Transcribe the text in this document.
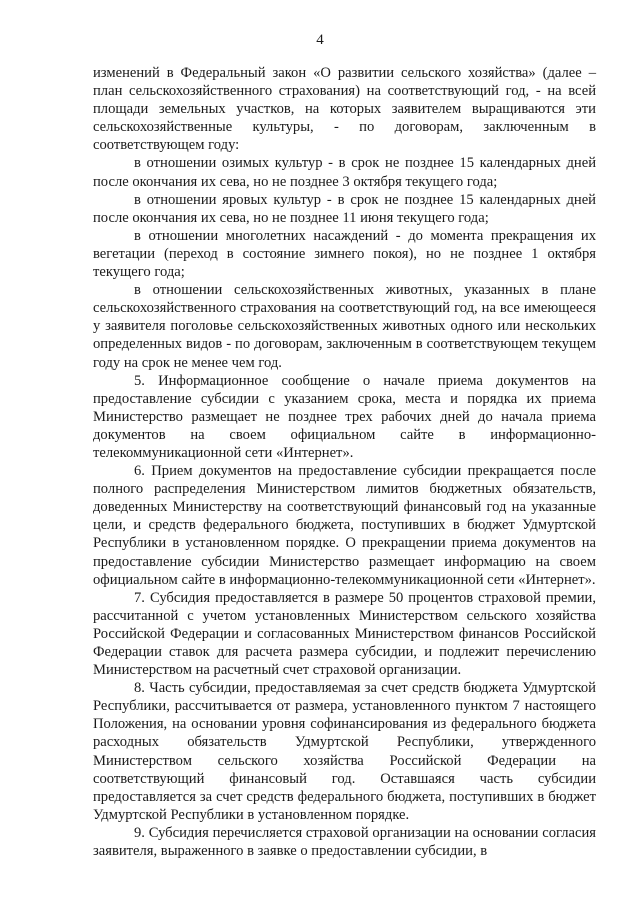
4

изменений в Федеральный закон «О развитии сельского хозяйства» (далее – план сельскохозяйственного страхования) на соответствующий год, - на всей площади земельных участков, на которых заявителем выращиваются эти сельскохозяйственные культуры, - по договорам, заключенным в соответствующем году:

в отношении озимых культур - в срок не позднее 15 календарных дней после окончания их сева, но не позднее 3 октября текущего года;

в отношении яровых культур - в срок не позднее 15 календарных дней после окончания их сева, но не позднее 11 июня текущего года;

в отношении многолетних насаждений - до момента прекращения их вегетации (переход в состояние зимнего покоя), но не позднее 1 октября текущего года;

в отношении сельскохозяйственных животных, указанных в плане сельскохозяйственного страхования на соответствующий год, на все имеющееся у заявителя поголовье сельскохозяйственных животных одного или нескольких определенных видов - по договорам, заключенным в соответствующем текущем году на срок не менее чем год.

5. Информационное сообщение о начале приема документов на предоставление субсидии с указанием срока, места и порядка их приема Министерство размещает не позднее трех рабочих дней до начала приема документов на своем официальном сайте в информационно-телекоммуникационной сети «Интернет».

6. Прием документов на предоставление субсидии прекращается после полного распределения Министерством лимитов бюджетных обязательств, доведенных Министерству на соответствующий финансовый год на указанные цели, и средств федерального бюджета, поступивших в бюджет Удмуртской Республики в установленном порядке. О прекращении приема документов на предоставление субсидии Министерство размещает информацию на своем официальном сайте в информационно-телекоммуникационной сети «Интернет».

7. Субсидия предоставляется в размере 50 процентов страховой премии, рассчитанной с учетом установленных Министерством сельского хозяйства Российской Федерации и согласованных Министерством финансов Российской Федерации ставок для расчета размера субсидии, и подлежит перечислению Министерством на расчетный счет страховой организации.

8. Часть субсидии, предоставляемая за счет средств бюджета Удмуртской Республики, рассчитывается от размера, установленного пунктом 7 настоящего Положения, на основании уровня софинансирования из федерального бюджета расходных обязательств Удмуртской Республики, утвержденного Министерством сельского хозяйства Российской Федерации на соответствующий финансовый год. Оставшаяся часть субсидии предоставляется за счет средств федерального бюджета, поступивших в бюджет Удмуртской Республики в установленном порядке.

9. Субсидия перечисляется страховой организации на основании согласия заявителя, выраженного в заявке о предоставлении субсидии, в
